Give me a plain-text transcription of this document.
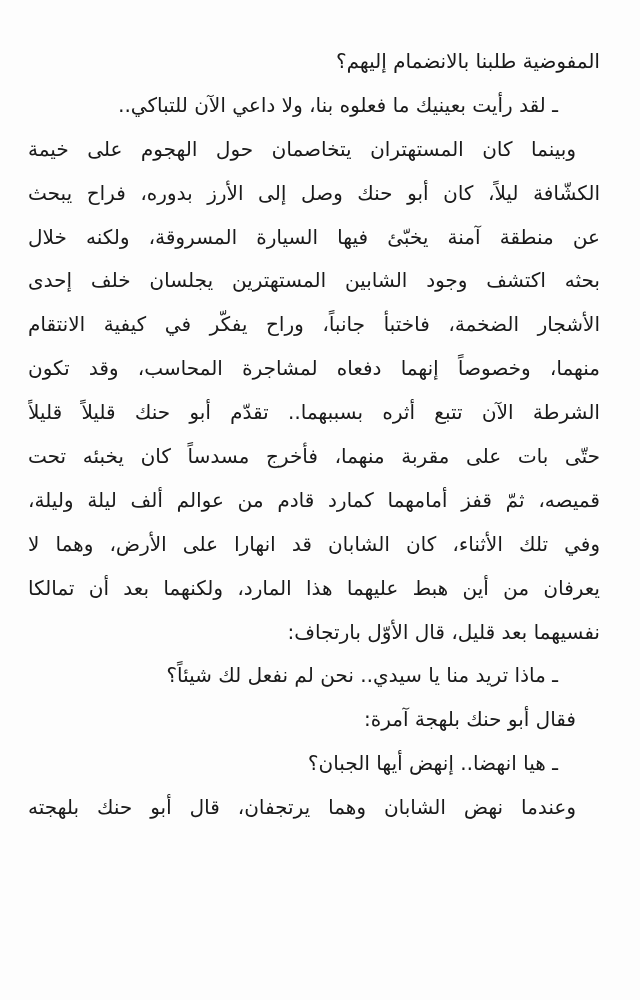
المفوضية طلبنا بالانضمام إليهم؟
ـ لقد رأيت بعينيك ما فعلوه بنا، ولا داعي الآن للتباكي..
وبينما كان المستهتران يتخاصمان حول الهجوم على خيمة
الكشّافة ليلاً، كان أبو حنك وصل إلى الأرز بدوره، فراح يبحث
عن منطقة آمنة يخبّئ فيها السيارة المسروقة، ولكنه خلال
بحثه اكتشف وجود الشابين المستهترين يجلسان خلف إحدى
الأشجار الضخمة، فاختبأ جانباً، وراح يفكّر في كيفية الانتقام
منهما، وخصوصاً إنهما دفعاه لمشاجرة المحاسب، وقد تكون
الشرطة الآن تتبع أثره بسببهما.. تقدّم أبو حنك قليلاً قليلاً
حتّى بات على مقربة منهما، فأخرج مسدساً كان يخبئه تحت
قميصه، ثمّ قفز أمامهما كمارد قادم من عوالم ألف ليلة وليلة،
وفي تلك الأثناء، كان الشابان قد انهارا على الأرض، وهما لا
يعرفان من أين هبط عليهما هذا المارد، ولكنهما بعد أن تمالكا
نفسيهما بعد قليل، قال الأوّل بارتجاف:
ـ ماذا تريد منا يا سيدي.. نحن لم نفعل لك شيئاً؟
فقال أبو حنك بلهجة آمرة:
ـ هيا انهضا.. إنهض أيها الجبان؟
وعندما نهض الشابان وهما يرتجفان، قال أبو حنك بلهجته
